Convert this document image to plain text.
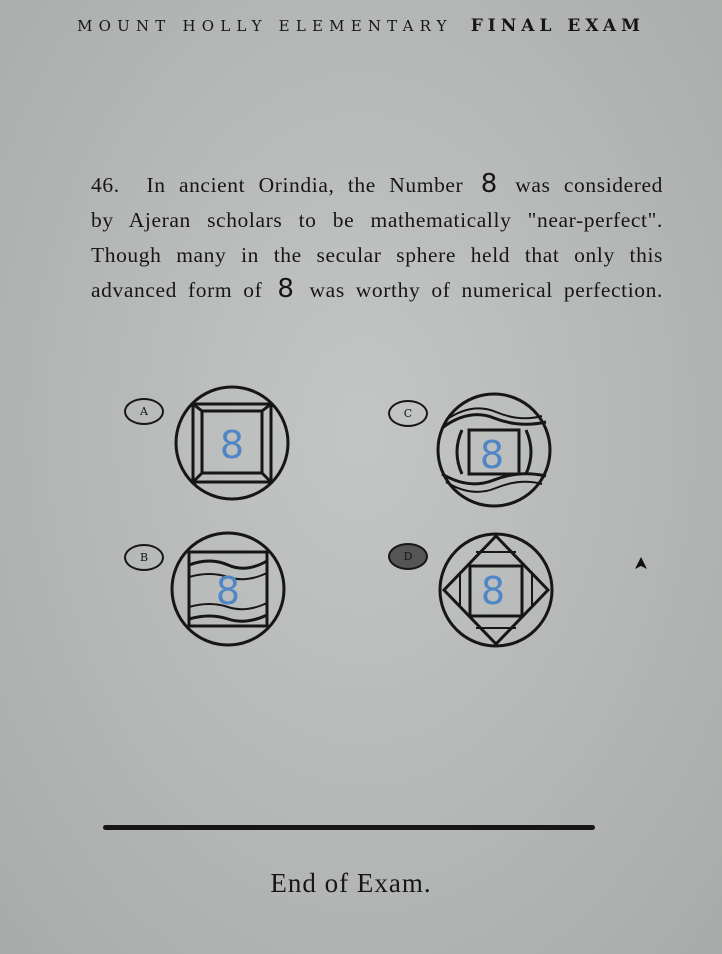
MOUNT HOLLY ELEMENTARY FINAL EXAM
46. In ancient Orindia, the Number 8 was considered
by Ajeran scholars to be mathematically "near-perfect".
Though many in the secular sphere held that only this
advanced form of 8 was worthy of numerical perfection.
A
8
B
8
C
8
D
8
End of Exam.
